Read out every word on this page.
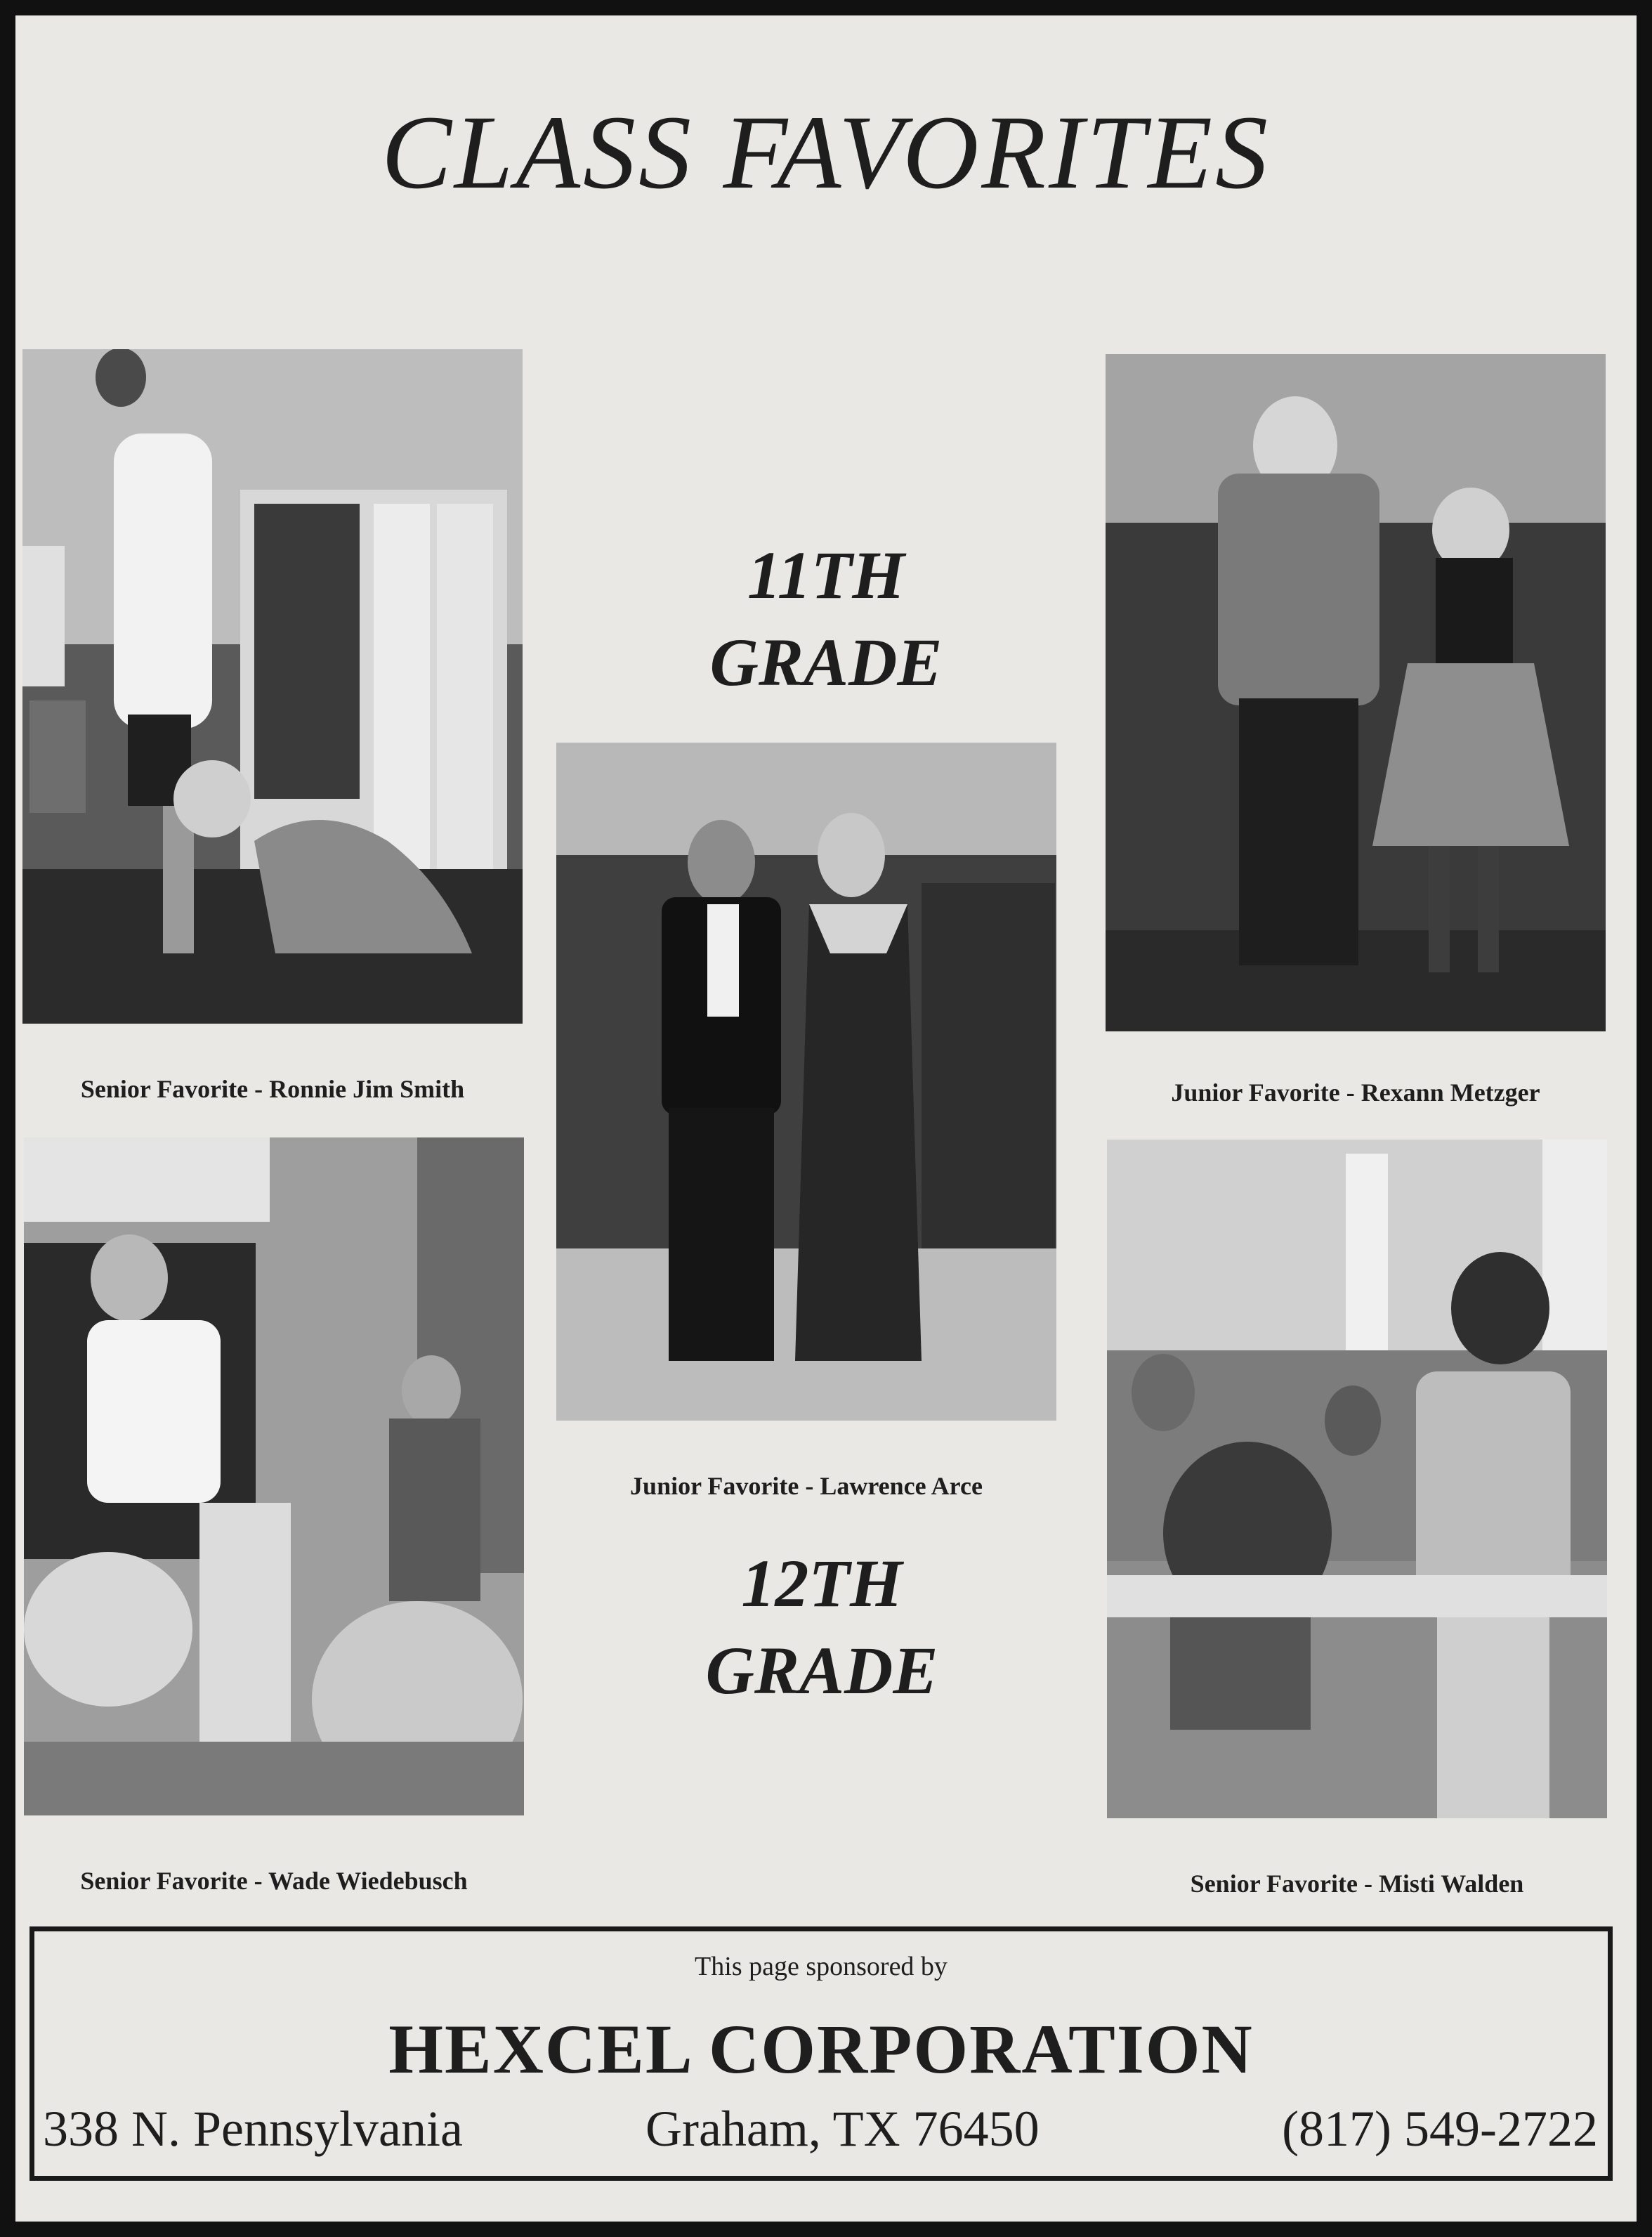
CLASS FAVORITES
Senior Favorite - Ronnie Jim Smith	Junior Favorite - Rexann Metzger
11TH
GRADE
Junior Favorite - Lawrence Arce
12TH
GRADE
Senior Favorite - Wade Wiedebusch	Senior Favorite - Misti Walden
This page sponsored by
HEXCEL CORPORATION
338 N. Pennsylvania	Graham, TX 76450	(817) 549-2722
